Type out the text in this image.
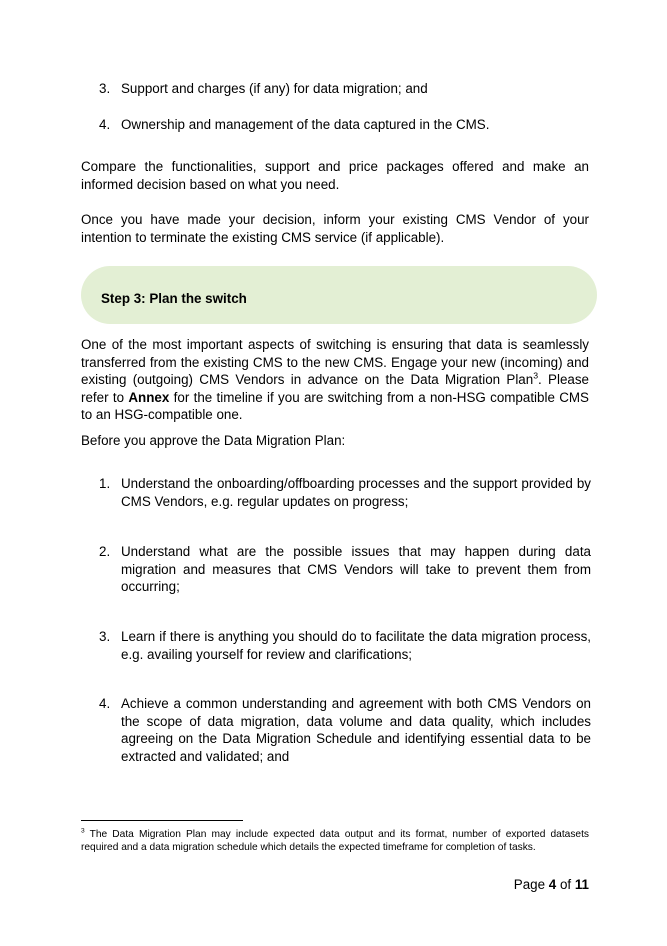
3. Support and charges (if any) for data migration; and
4. Ownership and management of the data captured in the CMS.
Compare the functionalities, support and price packages offered and make an informed decision based on what you need.
Once you have made your decision, inform your existing CMS Vendor of your intention to terminate the existing CMS service (if applicable).
Step 3: Plan the switch
One of the most important aspects of switching is ensuring that data is seamlessly transferred from the existing CMS to the new CMS. Engage your new (incoming) and existing (outgoing) CMS Vendors in advance on the Data Migration Plan$^3$. Please refer to Annex for the timeline if you are switching from a non-HSG compatible CMS to an HSG-compatible one.
Before you approve the Data Migration Plan:
1. Understand the onboarding/offboarding processes and the support provided by CMS Vendors, e.g. regular updates on progress;
2. Understand what are the possible issues that may happen during data migration and measures that CMS Vendors will take to prevent them from occurring;
3. Learn if there is anything you should do to facilitate the data migration process, e.g. availing yourself for review and clarifications;
4. Achieve a common understanding and agreement with both CMS Vendors on the scope of data migration, data volume and data quality, which includes agreeing on the Data Migration Schedule and identifying essential data to be extracted and validated; and
$^3$ The Data Migration Plan may include expected data output and its format, number of exported datasets required and a data migration schedule which details the expected timeframe for completion of tasks.
Page 4 of 11
